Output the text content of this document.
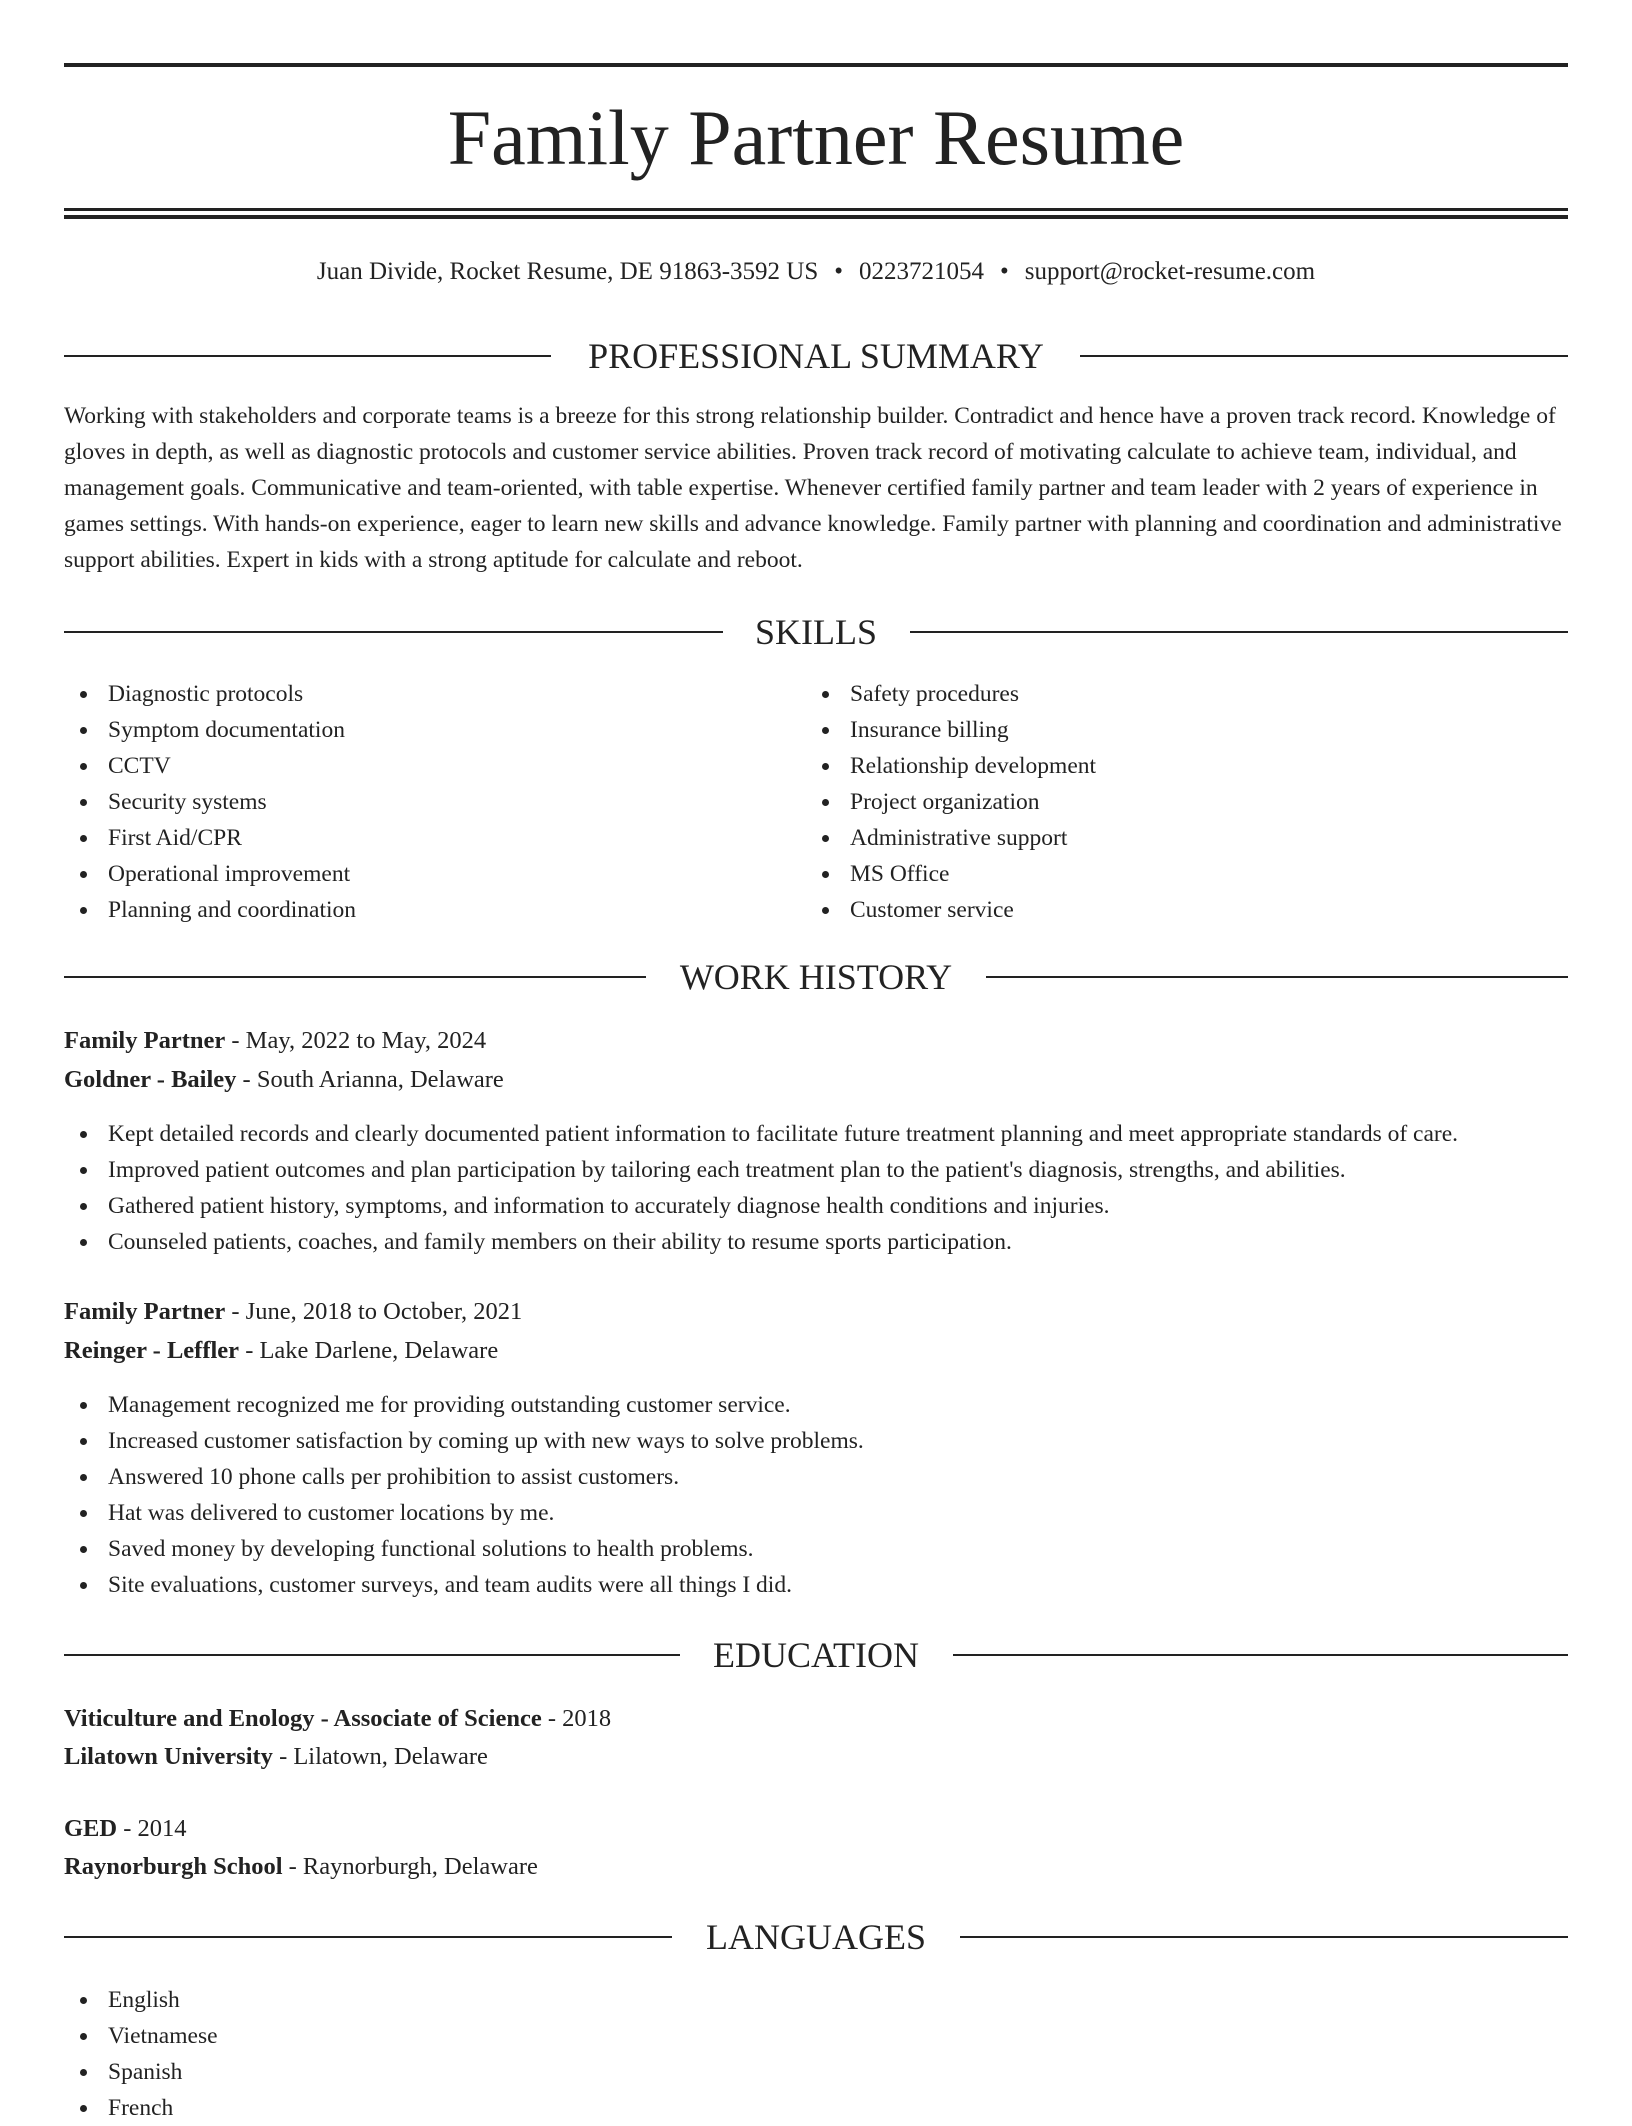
Family Partner Resume
Juan Divide, Rocket Resume, DE 91863-3592 US • 0223721054 • support@rocket-resume.com
PROFESSIONAL SUMMARY

Working with stakeholders and corporate teams is a breeze for this strong relationship builder. Contradict and hence have a proven track record. Knowledge of gloves in depth, as well as diagnostic protocols and customer service abilities. Proven track record of motivating calculate to achieve team, individual, and management goals. Communicative and team-oriented, with table expertise. Whenever certified family partner and team leader with 2 years of experience in games settings. With hands-on experience, eager to learn new skills and advance knowledge. Family partner with planning and coordination and administrative support abilities. Expert in kids with a strong aptitude for calculate and reboot.

SKILLS
Diagnostic protocols
Symptom documentation
CCTV
Security systems
First Aid/CPR
Operational improvement
Planning and coordination
Safety procedures
Insurance billing
Relationship development
Project organization
Administrative support
MS Office
Customer service
WORK HISTORY
Family Partner - May, 2022 to May, 2024
Goldner - Bailey - South Arianna, Delaware
Kept detailed records and clearly documented patient information to facilitate future treatment planning and meet appropriate standards of care.
Improved patient outcomes and plan participation by tailoring each treatment plan to the patient's diagnosis, strengths, and abilities.
Gathered patient history, symptoms, and information to accurately diagnose health conditions and injuries.
Counseled patients, coaches, and family members on their ability to resume sports participation.
Family Partner - June, 2018 to October, 2021
Reinger - Leffler - Lake Darlene, Delaware
Management recognized me for providing outstanding customer service.
Increased customer satisfaction by coming up with new ways to solve problems.
Answered 10 phone calls per prohibition to assist customers.
Hat was delivered to customer locations by me.
Saved money by developing functional solutions to health problems.
Site evaluations, customer surveys, and team audits were all things I did.
EDUCATION
Viticulture and Enology - Associate of Science - 2018
Lilatown University - Lilatown, Delaware
GED - 2014
Raynorburgh School - Raynorburgh, Delaware
LANGUAGES
English
Vietnamese
Spanish
French
